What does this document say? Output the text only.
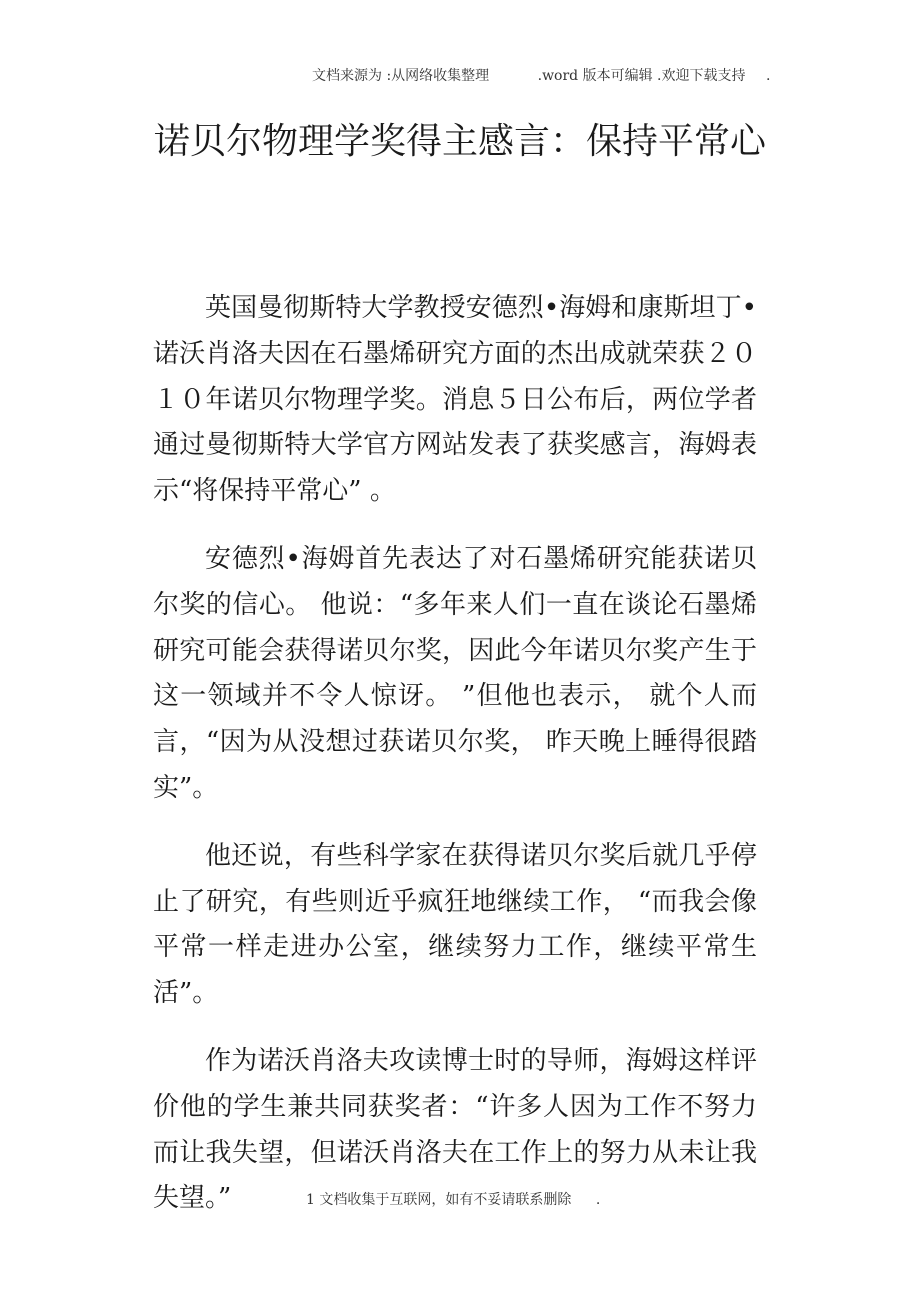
文档来源为 :从网络收集整理	.word 版本可编辑 .欢迎下载支持 .
诺贝尔物理学奖得主感言：保持平常心

英国曼彻斯特大学教授安德烈•海姆和康斯坦丁•诺沃肖洛夫因在石墨烯研究方面的杰出成就荣获２０１０年诺贝尔物理学奖。消息５日公布后，两位学者通过曼彻斯特大学官方网站发表了获奖感言，海姆表示“将保持平常心” 。

安德烈•海姆首先表达了对石墨烯研究能获诺贝尔奖的信心。 他说：“多年来人们一直在谈论石墨烯研究可能会获得诺贝尔奖，因此今年诺贝尔奖产生于这一领域并不令人惊讶。 ”但他也表示， 就个人而言，“因为从没想过获诺贝尔奖， 昨天晚上睡得很踏实”。

他还说，有些科学家在获得诺贝尔奖后就几乎停止了研究，有些则近乎疯狂地继续工作， “而我会像平常一样走进办公室，继续努力工作，继续平常生活”。

作为诺沃肖洛夫攻读博士时的导师，海姆这样评价他的学生兼共同获奖者：“许多人因为工作不努力而让我失望，但诺沃肖洛夫在工作上的努力从未让我失望。”	1 文档收集于互联网，如有不妥请联系删除 .
